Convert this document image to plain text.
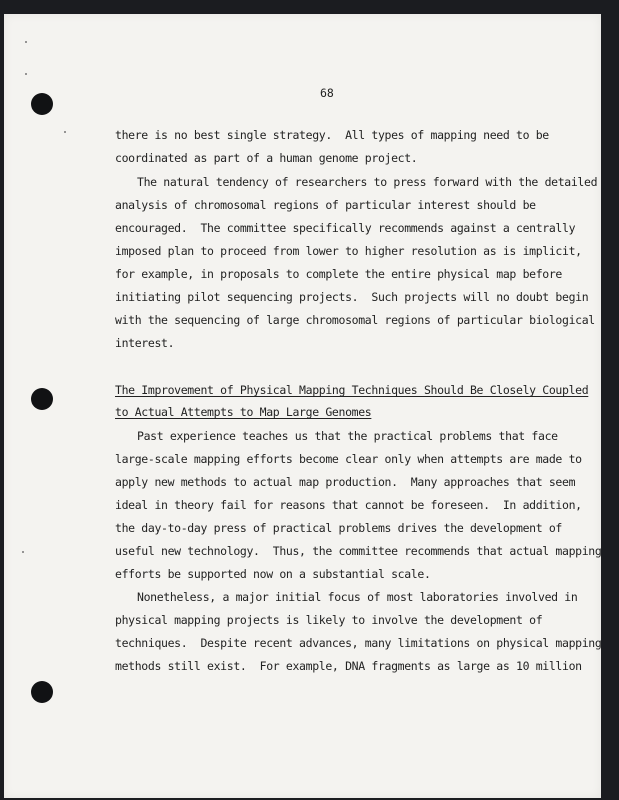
68
there is no best single strategy.  All types of mapping need to be
coordinated as part of a human genome project.
The natural tendency of researchers to press forward with the detailed
analysis of chromosomal regions of particular interest should be
encouraged.  The committee specifically recommends against a centrally
imposed plan to proceed from lower to higher resolution as is implicit,
for example, in proposals to complete the entire physical map before
initiating pilot sequencing projects.  Such projects will no doubt begin
with the sequencing of large chromosomal regions of particular biological
interest.
The Improvement of Physical Mapping Techniques Should Be Closely Coupled
to Actual Attempts to Map Large Genomes
Past experience teaches us that the practical problems that face
large-scale mapping efforts become clear only when attempts are made to
apply new methods to actual map production.  Many approaches that seem
ideal in theory fail for reasons that cannot be foreseen.  In addition,
the day-to-day press of practical problems drives the development of
useful new technology.  Thus, the committee recommends that actual mapping
efforts be supported now on a substantial scale.
Nonetheless, a major initial focus of most laboratories involved in
physical mapping projects is likely to involve the development of
techniques.  Despite recent advances, many limitations on physical mapping
methods still exist.  For example, DNA fragments as large as 10 million
